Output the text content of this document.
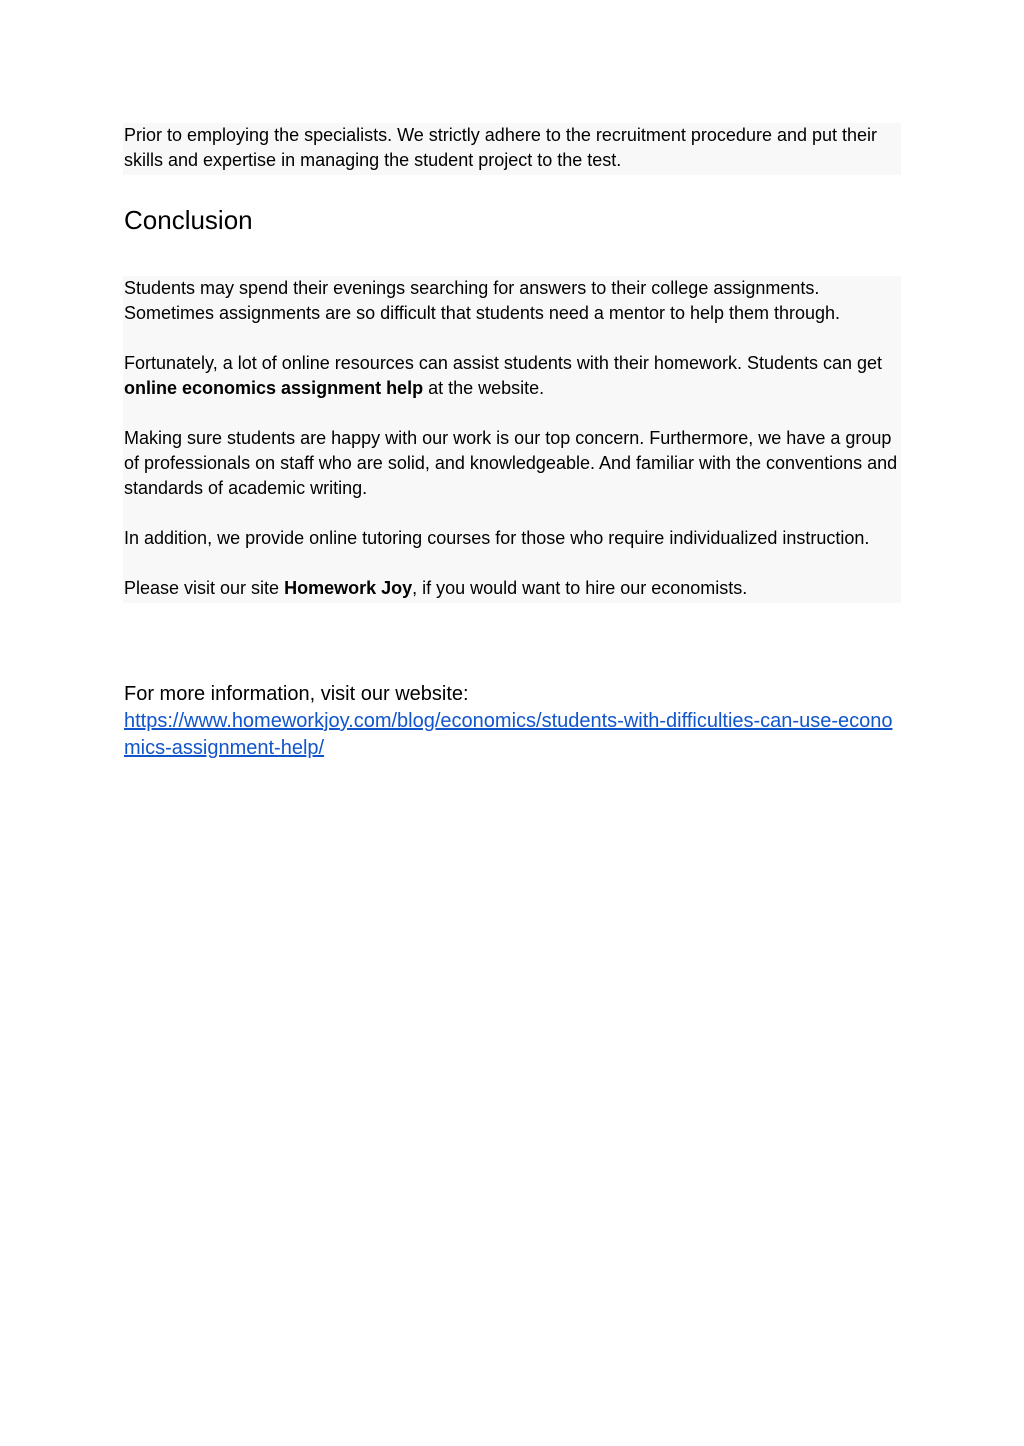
Prior to employing the specialists. We strictly adhere to the recruitment procedure and put their skills and expertise in managing the student project to the test.

Conclusion

Students may spend their evenings searching for answers to their college assignments. Sometimes assignments are so difficult that students need a mentor to help them through.

Fortunately, a lot of online resources can assist students with their homework. Students can get online economics assignment help at the website.

Making sure students are happy with our work is our top concern. Furthermore, we have a group of professionals on staff who are solid, and knowledgeable. And familiar with the conventions and standards of academic writing.

In addition, we provide online tutoring courses for those who require individualized instruction.

Please visit our site Homework Joy, if you would want to hire our economists.

For more information, visit our website:
https://www.homeworkjoy.com/blog/economics/students-with-difficulties-can-use-economics-assignment-help/
